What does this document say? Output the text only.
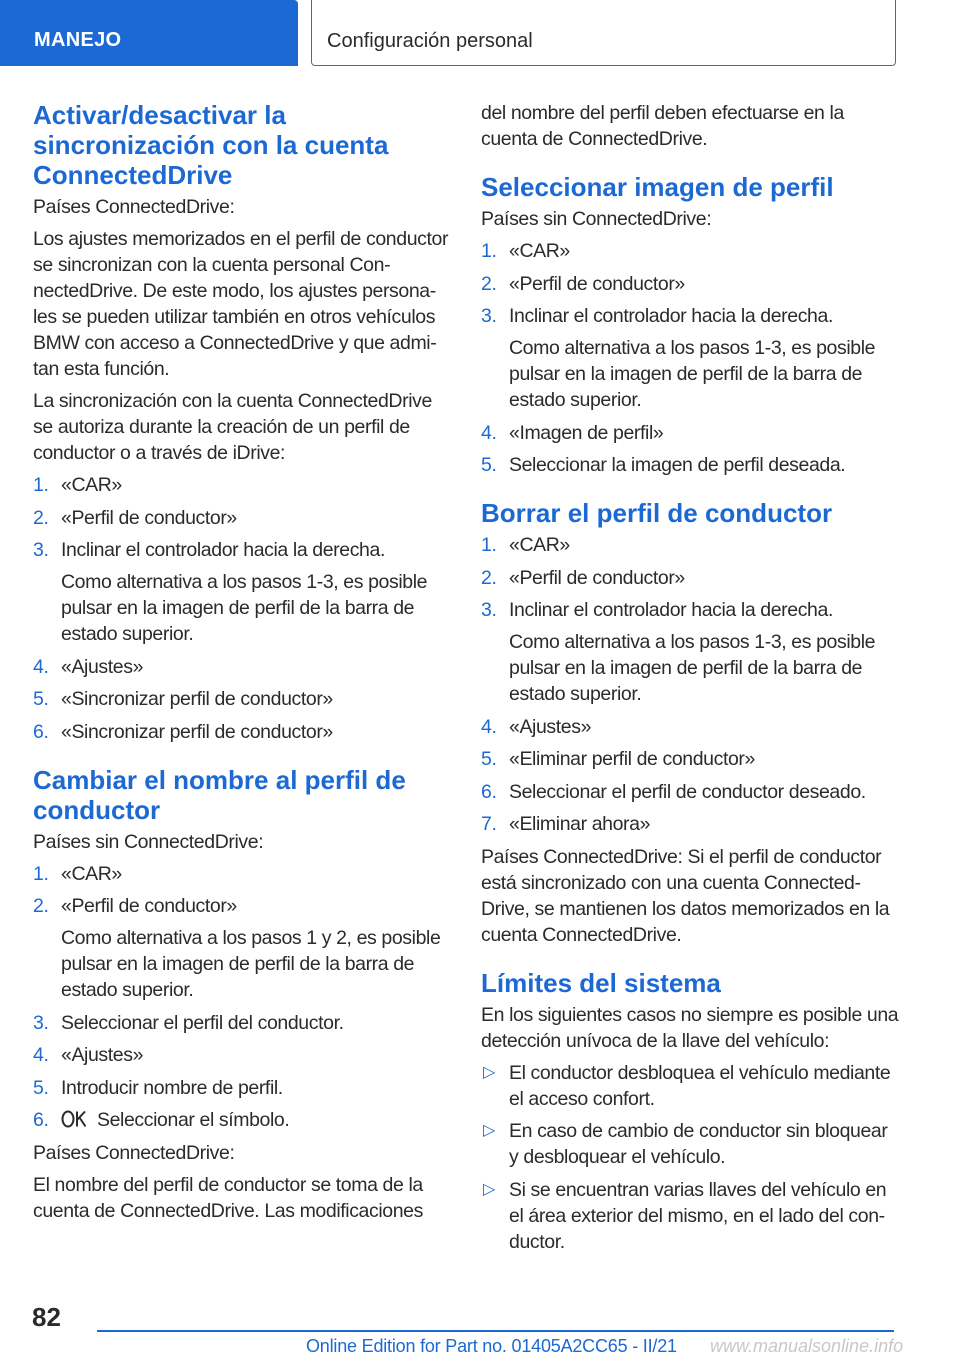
MANEJO	Configuración personal
Activar/desactivar la sincronización con la cuenta ConnectedDrive

Países ConnectedDrive:

Los ajustes memorizados en el perfil de conductor se sincronizan con la cuenta personal ConnectedDrive. De este modo, los ajustes personales se pueden utilizar también en otros vehículos BMW con acceso a ConnectedDrive y que admitan esta función.

La sincronización con la cuenta ConnectedDrive se autoriza durante la creación de un perfil de conductor o a través de iDrive:

1. «CAR»
2. «Perfil de conductor»
3. Inclinar el controlador hacia la derecha.
Como alternativa a los pasos 1-3, es posible pulsar en la imagen de perfil de la barra de estado superior.
4. «Ajustes»
5. «Sincronizar perfil de conductor»
6. «Sincronizar perfil de conductor»
Cambiar el nombre al perfil de conductor

Países sin ConnectedDrive:

1. «CAR»
2. «Perfil de conductor»
Como alternativa a los pasos 1 y 2, es posible pulsar en la imagen de perfil de la barra de estado superior.
3. Seleccionar el perfil del conductor.
4. «Ajustes»
5. Introducir nombre de perfil.
6. Seleccionar el símbolo.

Países ConnectedDrive:

El nombre del perfil de conductor se toma de la cuenta de ConnectedDrive. Las modificaciones

del nombre del perfil deben efectuarse en la cuenta de ConnectedDrive.

Seleccionar imagen de perfil

Países sin ConnectedDrive:

1. «CAR»
2. «Perfil de conductor»
3. Inclinar el controlador hacia la derecha.
Como alternativa a los pasos 1-3, es posible pulsar en la imagen de perfil de la barra de estado superior.
4. «Imagen de perfil»
5. Seleccionar la imagen de perfil deseada.
Borrar el perfil de conductor
1. «CAR»
2. «Perfil de conductor»
3. Inclinar el controlador hacia la derecha.
Como alternativa a los pasos 1-3, es posible pulsar en la imagen de perfil de la barra de estado superior.
4. «Ajustes»
5. «Eliminar perfil de conductor»
6. Seleccionar el perfil de conductor deseado.
7. «Eliminar ahora»

Países ConnectedDrive: Si el perfil de conductor está sincronizado con una cuenta ConnectedDrive, se mantienen los datos memorizados en la cuenta ConnectedDrive.

Límites del sistema

En los siguientes casos no siempre es posible una detección unívoca de la llave del vehículo:

▷ El conductor desbloquea el vehículo mediante el acceso confort.
▷ En caso de cambio de conductor sin bloquear y desbloquear el vehículo.
▷ Si se encuentran varias llaves del vehículo en el área exterior del mismo, en el lado del conductor.
82
Online Edition for Part no. 01405A2CC65 - II/21 www.manualsonline.info
